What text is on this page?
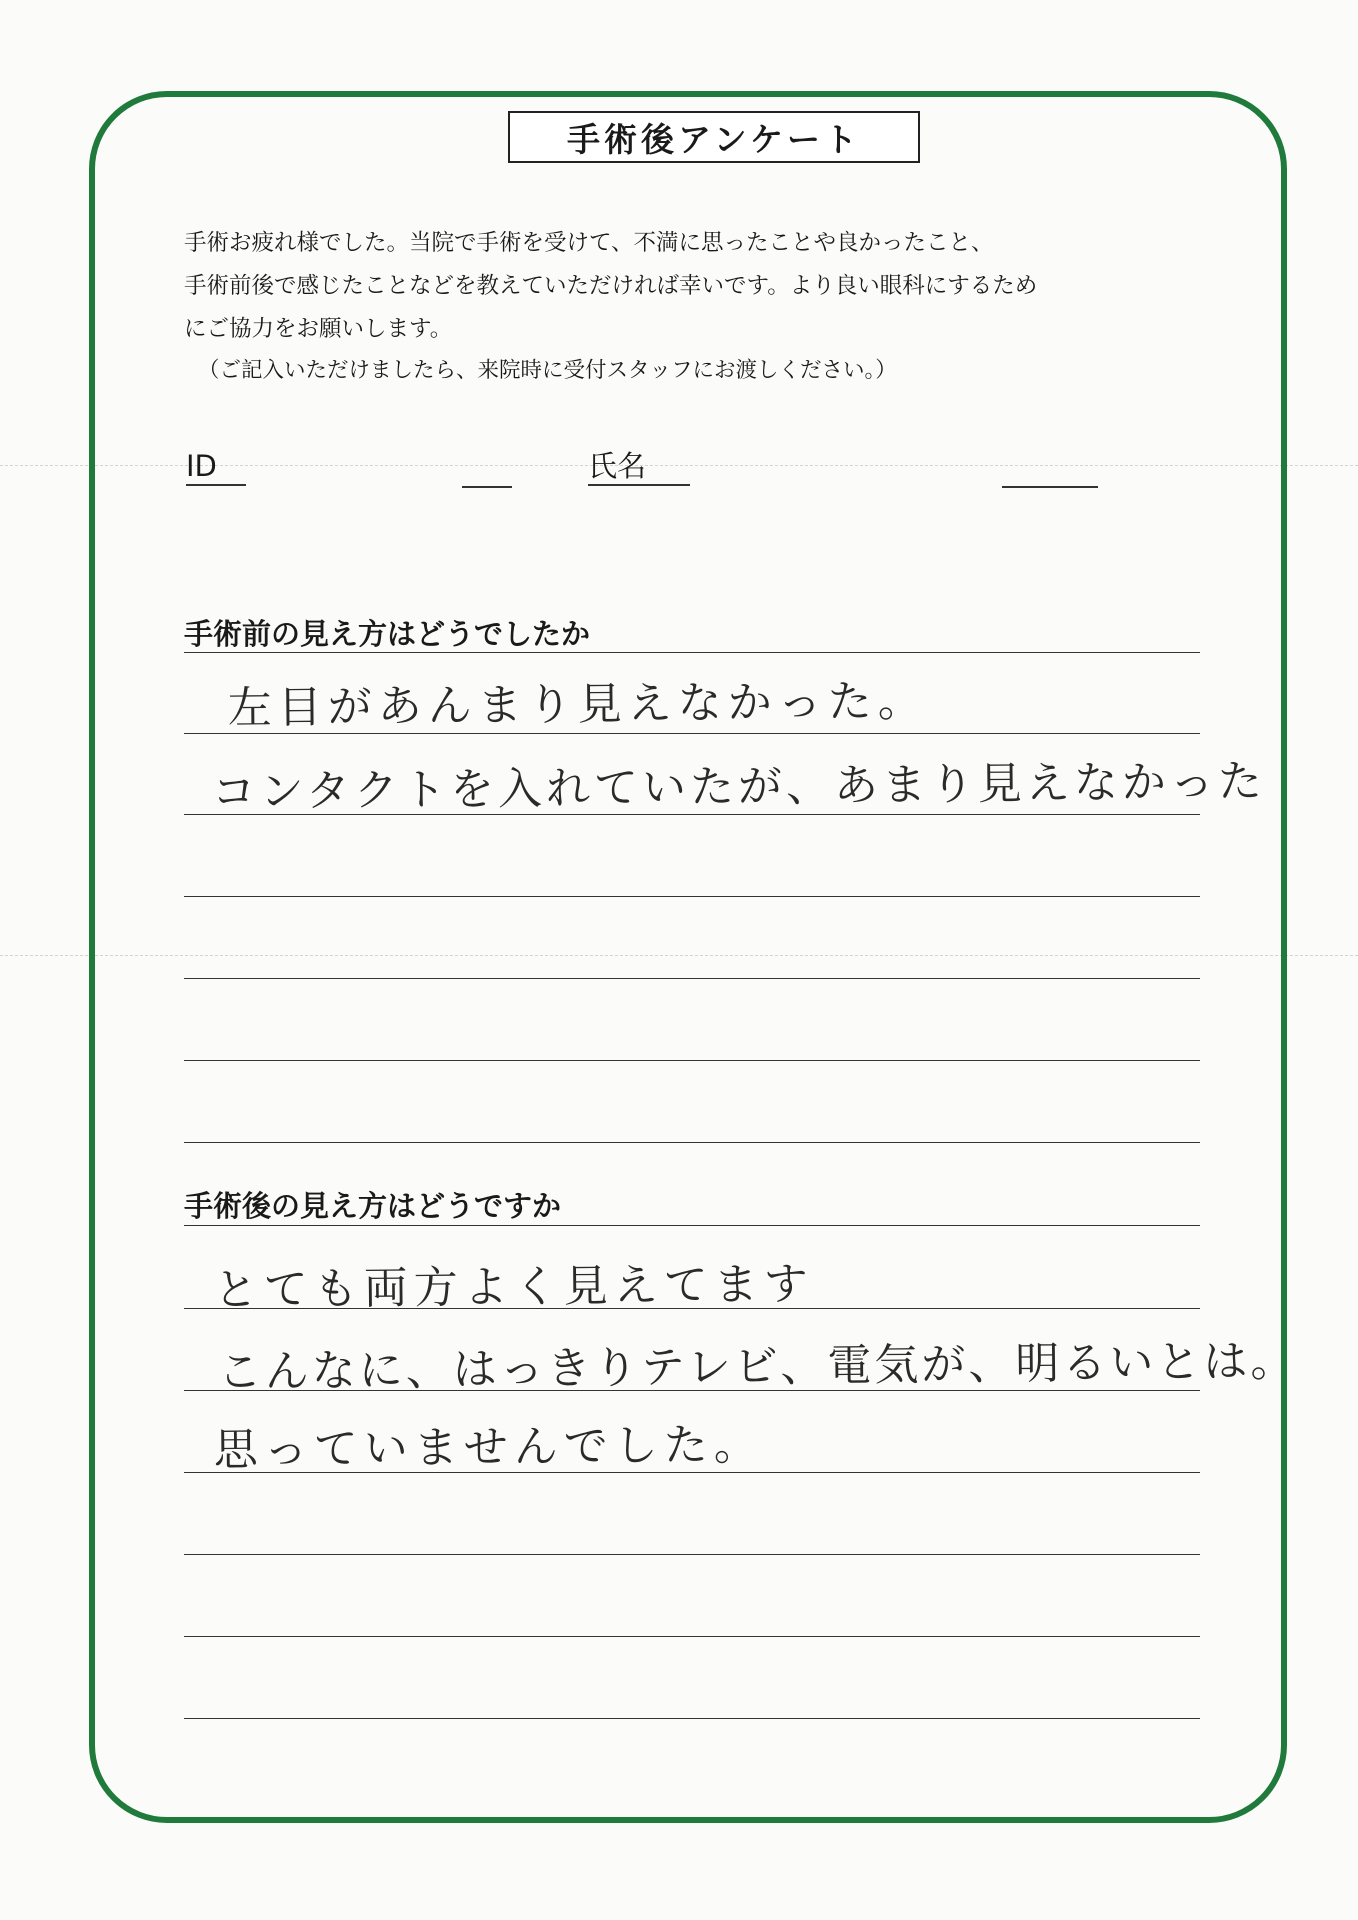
手術後アンケート
手術お疲れ様でした。当院で手術を受けて、不満に思ったことや良かったこと、
手術前後で感じたことなどを教えていただければ幸いです。より良い眼科にするため
にご協力をお願いします。
（ご記入いただけましたら、来院時に受付スタッフにお渡しください。）
ID	氏名
手術前の見え方はどうでしたか
左目があんまり見えなかった。
コンタクトを入れていたが、あまり見えなかった
手術後の見え方はどうですか
とても両方よく見えてます
こんなに、はっきりテレビ、電気が、明るいとは。
思っていませんでした。
